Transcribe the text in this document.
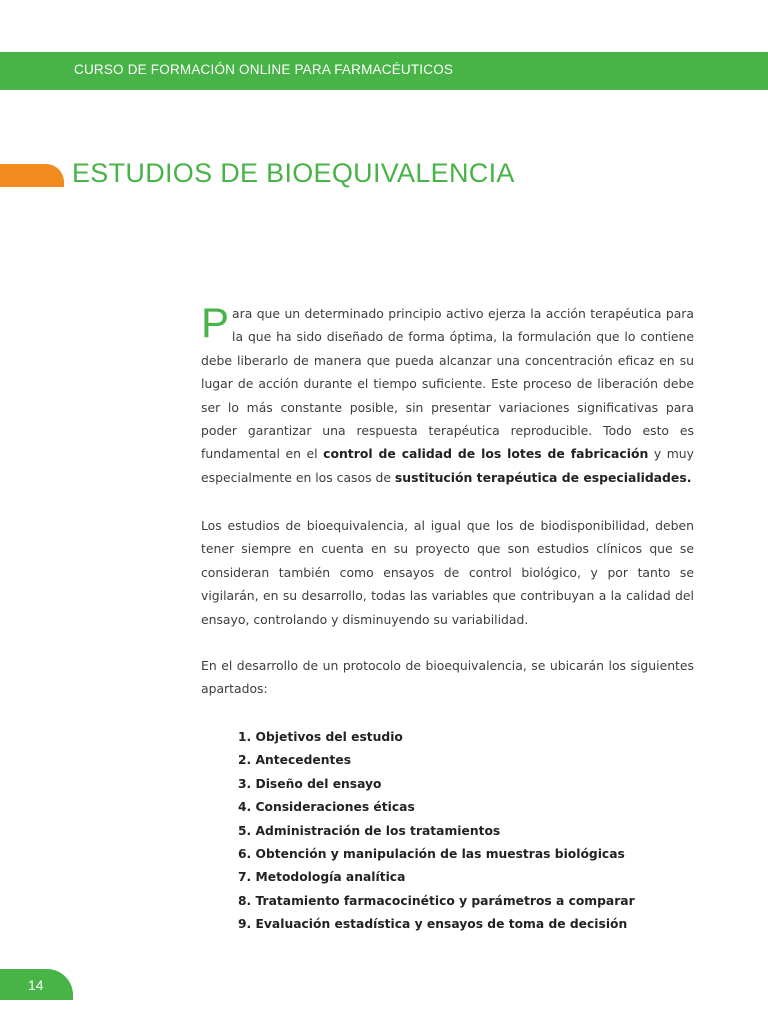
CURSO DE FORMACIÓN ONLINE PARA FARMACÉUTICOS
ESTUDIOS DE BIOEQUIVALENCIA
Para que un determinado principio activo ejerza la acción terapéutica para la que ha sido diseñado de forma óptima, la formulación que lo contiene debe liberarlo de manera que pueda alcanzar una concentración eficaz en su lugar de acción durante el tiempo suficiente. Este proceso de liberación debe ser lo más constante posible, sin presentar variaciones significativas para poder garantizar una respuesta terapéutica reproducible. Todo esto es fundamental en el control de calidad de los lotes de fabricación y muy especialmente en los casos de sustitución terapéutica de especialidades.
Los estudios de bioequivalencia, al igual que los de biodisponibilidad, deben tener siempre en cuenta en su proyecto que son estudios clínicos que se consideran también como ensayos de control biológico, y por tanto se vigilarán, en su desarrollo, todas las variables que contribuyan a la calidad del ensayo, controlando y disminuyendo su variabilidad.
En el desarrollo de un protocolo de bioequivalencia, se ubicarán los siguientes apartados:
1. Objetivos del estudio
2. Antecedentes
3. Diseño del ensayo
4. Consideraciones éticas
5. Administración de los tratamientos
6. Obtención y manipulación de las muestras biológicas
7. Metodología analítica
8. Tratamiento farmacocinético y parámetros a comparar
9. Evaluación estadística y ensayos de toma de decisión
14
